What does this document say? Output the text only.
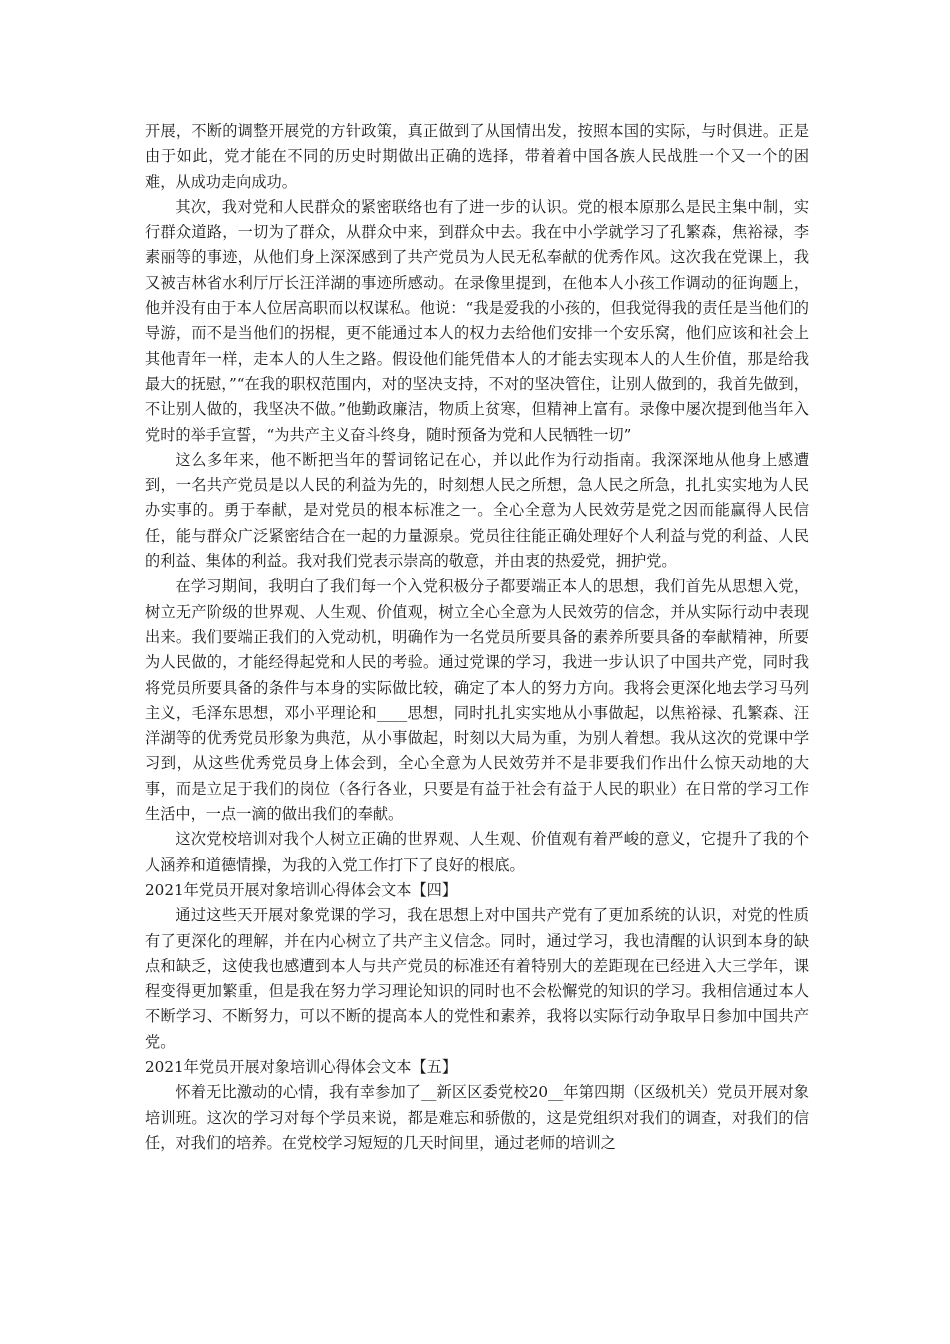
开展，不断的调整开展党的方针政策，真正做到了从国情出发，按照本国的实际，与时俱进。正是由于如此，党才能在不同的历史时期做出正确的选择，带着着中国各族人民战胜一个又一个的困难，从成功走向成功。

其次，我对党和人民群众的紧密联络也有了进一步的认识。党的根本原那么是民主集中制，实行群众道路，一切为了群众，从群众中来，到群众中去。我在中小学就学习了孔繁森，焦裕禄，李素丽等的事迹，从他们身上深深感到了共产党员为人民无私奉献的优秀作风。这次我在党课上，我又被吉林省水利厅厅长汪洋湖的事迹所感动。在录像里提到，在他本人小孩工作调动的征询题上，他并没有由于本人位居高职而以权谋私。他说：“我是爱我的小孩的，但我觉得我的责任是当他们的导游，而不是当他们的拐棍，更不能通过本人的权力去给他们安排一个安乐窝，他们应该和社会上其他青年一样，走本人的人生之路。假设他们能凭借本人的才能去实现本人的人生价值，那是给我最大的抚慰，”“在我的职权范围内，对的坚决支持，不对的坚决管住，让别人做到的，我首先做到，不让别人做的，我坚决不做。”他勤政廉洁，物质上贫寒，但精神上富有。录像中屡次提到他当年入党时的举手宣誓，“为共产主义奋斗终身，随时预备为党和人民牺牲一切”

这么多年来，他不断把当年的誓词铭记在心，并以此作为行动指南。我深深地从他身上感遭到，一名共产党员是以人民的利益为先的，时刻想人民之所想，急人民之所急，扎扎实实地为人民办实事的。勇于奉献，是对党员的根本标准之一。全心全意为人民效劳是党之因而能赢得人民信任，能与群众广泛紧密结合在一起的力量源泉。党员往往能正确处理好个人利益与党的利益、人民的利益、集体的利益。我对我们党表示崇高的敬意，并由衷的热爱党，拥护党。

在学习期间，我明白了我们每一个入党积极分子都要端正本人的思想，我们首先从思想入党，树立无产阶级的世界观、人生观、价值观，树立全心全意为人民效劳的信念，并从实际行动中表现出来。我们要端正我们的入党动机，明确作为一名党员所要具备的素养所要具备的奉献精神，所要为人民做的，才能经得起党和人民的考验。通过党课的学习，我进一步认识了中国共产党，同时我将党员所要具备的条件与本身的实际做比较，确定了本人的努力方向。我将会更深化地去学习马列主义，毛泽东思想，邓小平理论和____思想，同时扎扎实实地从小事做起，以焦裕禄、孔繁森、汪洋湖等的优秀党员形象为典范，从小事做起，时刻以大局为重，为别人着想。我从这次的党课中学习到，从这些优秀党员身上体会到，全心全意为人民效劳并不是非要我们作出什么惊天动地的大事，而是立足于我们的岗位（各行各业，只要是有益于社会有益于人民的职业）在日常的学习工作生活中，一点一滴的做出我们的奉献。

这次党校培训对我个人树立正确的世界观、人生观、价值观有着严峻的意义，它提升了我的个人涵养和道德情操，为我的入党工作打下了良好的根底。

2021年党员开展对象培训心得体会文本【四】

通过这些天开展对象党课的学习，我在思想上对中国共产党有了更加系统的认识，对党的性质有了更深化的理解，并在内心树立了共产主义信念。同时，通过学习，我也清醒的认识到本身的缺点和缺乏，这使我也感遭到本人与共产党员的标准还有着特别大的差距现在已经进入大三学年，课程变得更加繁重，但是我在努力学习理论知识的同时也不会松懈党的知识的学习。我相信通过本人不断学习、不断努力，可以不断的提高本人的党性和素养，我将以实际行动争取早日参加中国共产党。

2021年党员开展对象培训心得体会文本【五】

怀着无比激动的心情，我有幸参加了__新区区委党校20__年第四期（区级机关）党员开展对象培训班。这次的学习对每个学员来说，都是难忘和骄傲的，这是党组织对我们的调查，对我们的信任，对我们的培养。在党校学习短短的几天时间里，通过老师的培训之
